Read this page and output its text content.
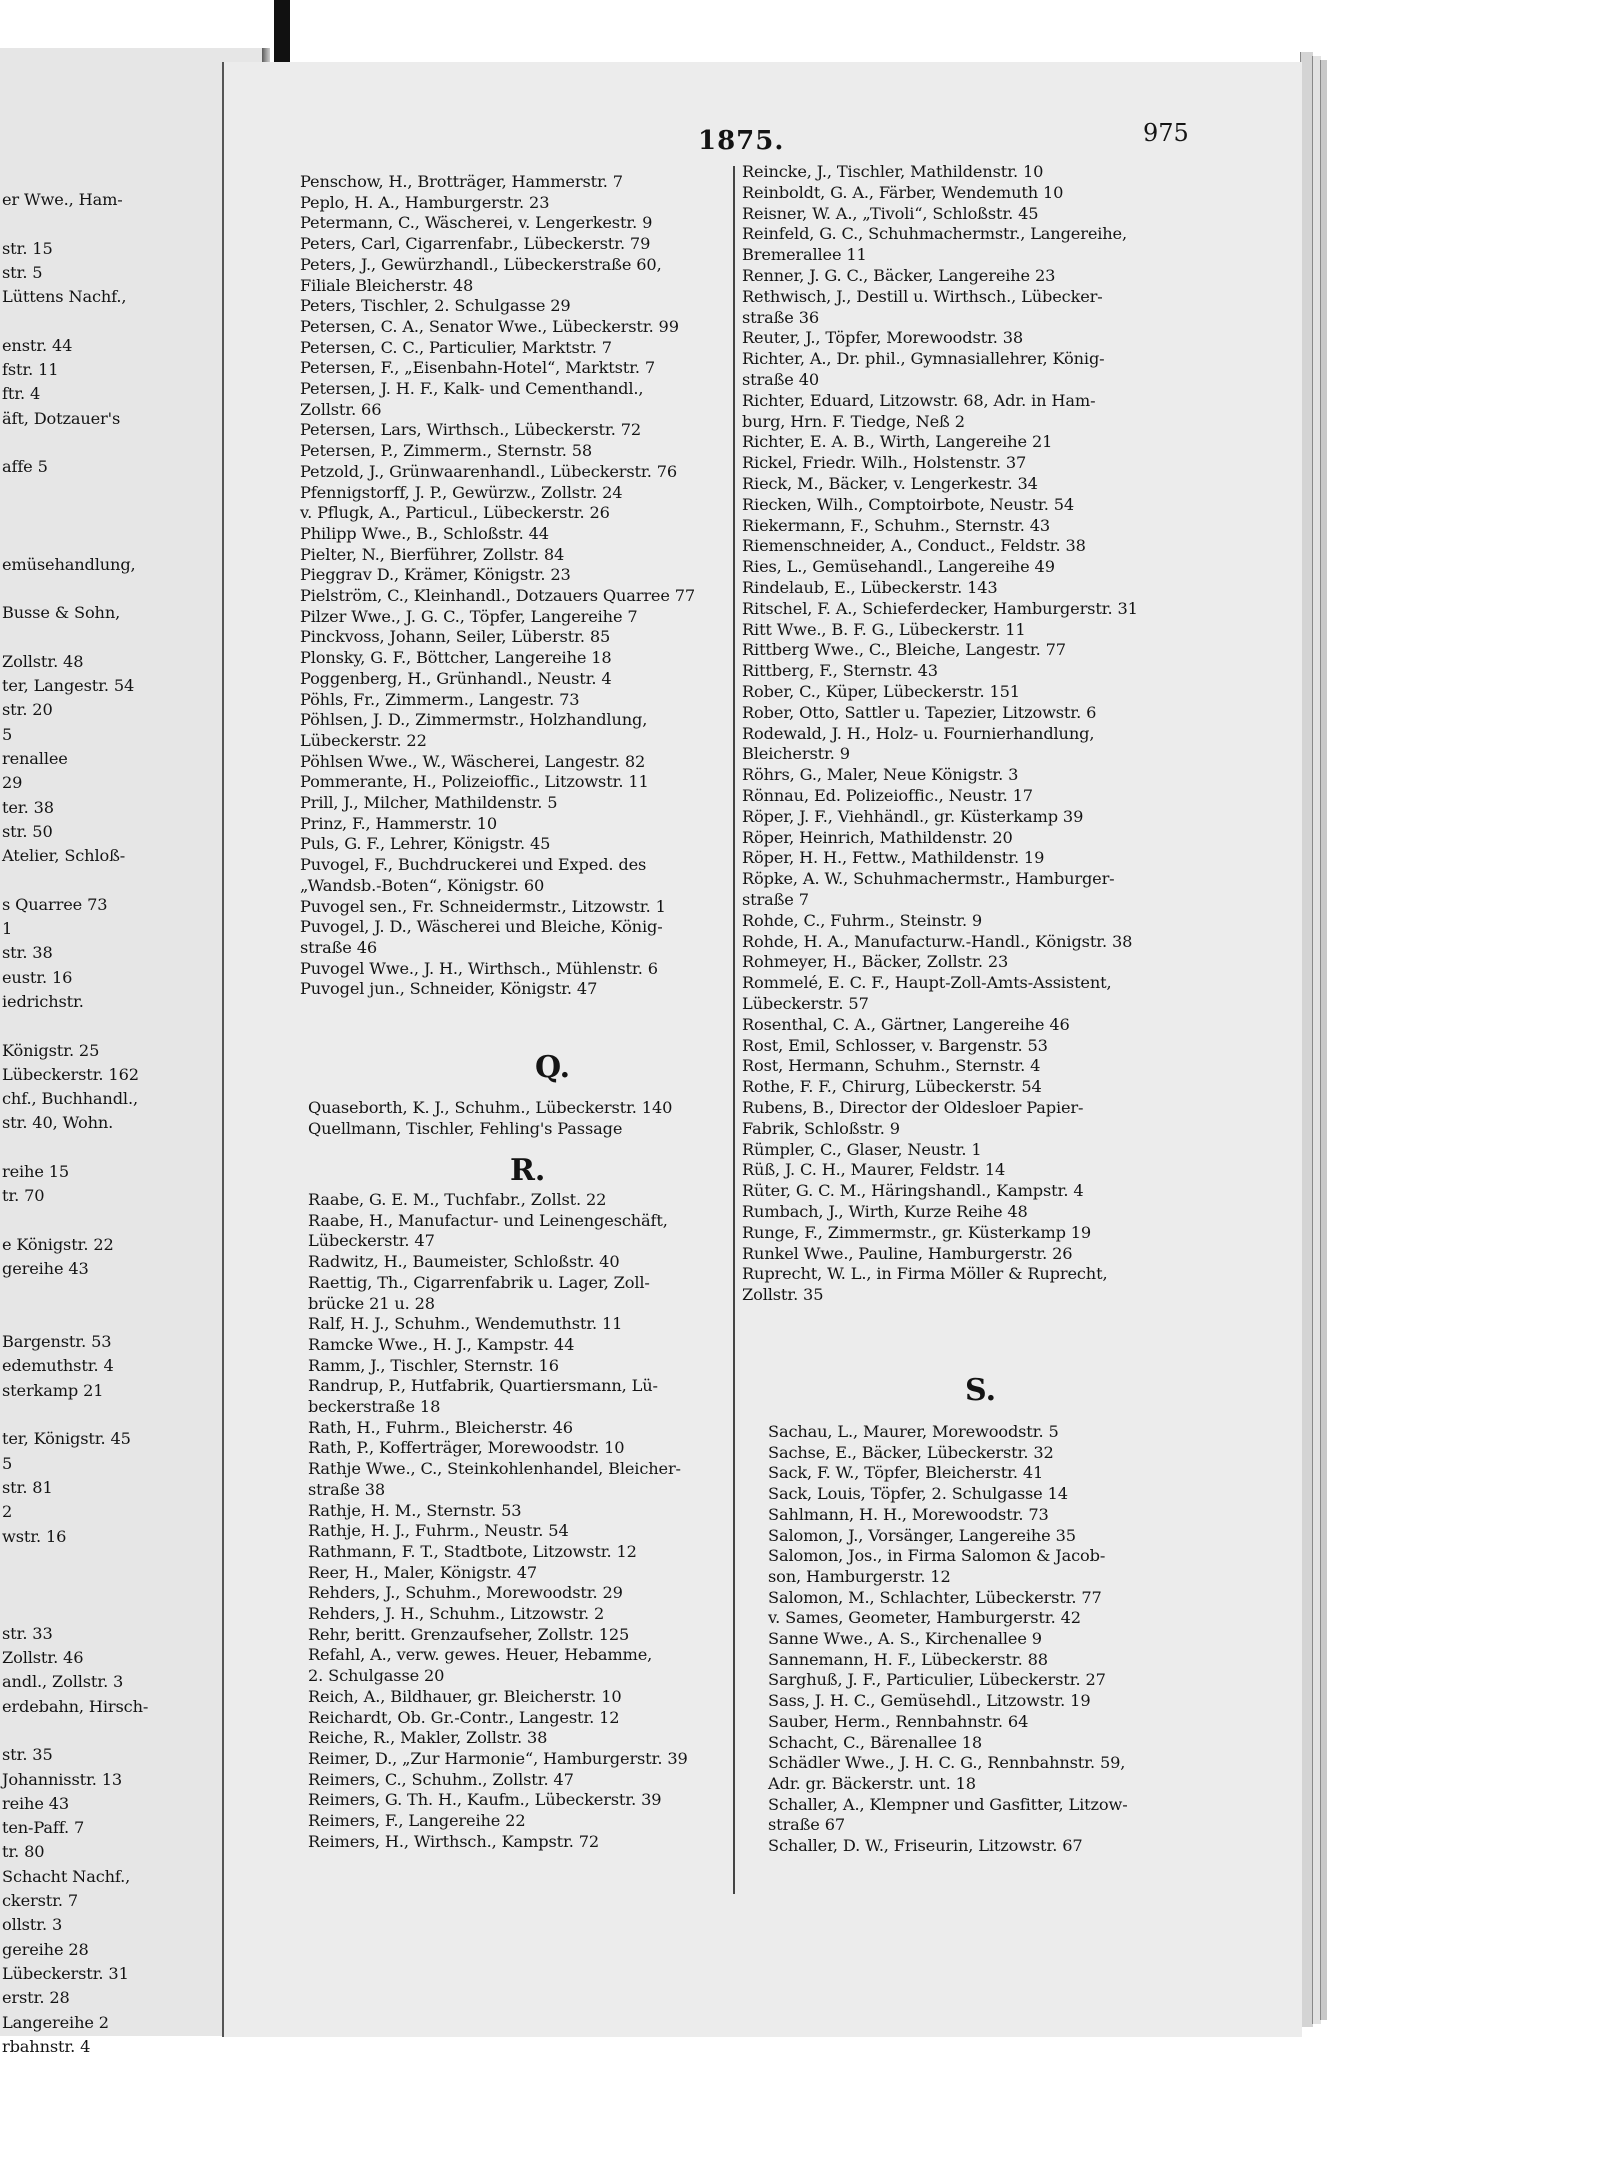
er Wwe., Ham-
str. 15
str. 5
Lüttens Nachf.,
enstr. 44
fstr. 11
ftr. 4
äft, Dotzauer's
affe 5
emüsehandlung,
Busse & Sohn,
Zollstr. 48
ter, Langestr. 54
str. 20
5
renallee
29
ter. 38
str. 50
Atelier, Schloß-
s Quarree 73
1
str. 38
eustr. 16
iedrichstr.
Königstr. 25
Lübeckerstr. 162
chf., Buchhandl.,
str. 40, Wohn.
reihe 15
tr. 70
e Königstr. 22
gereihe 43
Bargenstr. 53
edemuthstr. 4
sterkamp 21
ter, Königstr. 45
5
str. 81
2
wstr. 16
str. 33
Zollstr. 46
andl., Zollstr. 3
erdebahn, Hirsch-
str. 35
Johannisstr. 13
reihe 43
ten-Paff. 7
tr. 80
Schacht Nachf.,
ckerstr. 7
ollstr. 3
gereihe 28
Lübeckerstr. 31
erstr. 28
Langereihe 2
rbahnstr. 4
1875.	975
Q.
R.
S.
Penschow, H., Brotträger, Hammerstr. 7
Peplo, H. A., Hamburgerstr. 23
Petermann, C., Wäscherei, v. Lengerkestr. 9
Peters, Carl, Cigarrenfabr., Lübeckerstr. 79
Peters, J., Gewürzhandl., Lübeckerstraße 60,
Filiale Bleicherstr. 48
Peters, Tischler, 2. Schulgasse 29
Petersen, C. A., Senator Wwe., Lübeckerstr. 99
Petersen, C. C., Particulier, Marktstr. 7
Petersen, F., „Eisenbahn-Hotel“, Marktstr. 7
Petersen, J. H. F., Kalk- und Cementhandl.,
Zollstr. 66
Petersen, Lars, Wirthsch., Lübeckerstr. 72
Petersen, P., Zimmerm., Sternstr. 58
Petzold, J., Grünwaarenhandl., Lübeckerstr. 76
Pfennigstorff, J. P., Gewürzw., Zollstr. 24
v. Pflugk, A., Particul., Lübeckerstr. 26
Philipp Wwe., B., Schloßstr. 44
Pielter, N., Bierführer, Zollstr. 84
Pieggrav D., Krämer, Königstr. 23
Pielström, C., Kleinhandl., Dotzauers Quarree 77
Pilzer Wwe., J. G. C., Töpfer, Langereihe 7
Pinckvoss, Johann, Seiler, Lüberstr. 85
Plonsky, G. F., Böttcher, Langereihe 18
Poggenberg, H., Grünhandl., Neustr. 4
Pöhls, Fr., Zimmerm., Langestr. 73
Pöhlsen, J. D., Zimmermstr., Holzhandlung,
Lübeckerstr. 22
Pöhlsen Wwe., W., Wäscherei, Langestr. 82
Pommerante, H., Polizeioffic., Litzowstr. 11
Prill, J., Milcher, Mathildenstr. 5
Prinz, F., Hammerstr. 10
Puls, G. F., Lehrer, Königstr. 45
Puvogel, F., Buchdruckerei und Exped. des
„Wandsb.-Boten“, Königstr. 60
Puvogel sen., Fr. Schneidermstr., Litzowstr. 1
Puvogel, J. D., Wäscherei und Bleiche, König-
straße 46
Puvogel Wwe., J. H., Wirthsch., Mühlenstr. 6
Puvogel jun., Schneider, Königstr. 47
Quaseborth, K. J., Schuhm., Lübeckerstr. 140
Quellmann, Tischler, Fehling's Passage
Raabe, G. E. M., Tuchfabr., Zollst. 22
Raabe, H., Manufactur- und Leinengeschäft,
Lübeckerstr. 47
Radwitz, H., Baumeister, Schloßstr. 40
Raettig, Th., Cigarrenfabrik u. Lager, Zoll-
brücke 21 u. 28
Ralf, H. J., Schuhm., Wendemuthstr. 11
Ramcke Wwe., H. J., Kampstr. 44
Ramm, J., Tischler, Sternstr. 16
Randrup, P., Hutfabrik, Quartiersmann, Lü-
beckerstraße 18
Rath, H., Fuhrm., Bleicherstr. 46
Rath, P., Kofferträger, Morewoodstr. 10
Rathje Wwe., C., Steinkohlenhandel, Bleicher-
straße 38
Rathje, H. M., Sternstr. 53
Rathje, H. J., Fuhrm., Neustr. 54
Rathmann, F. T., Stadtbote, Litzowstr. 12
Reer, H., Maler, Königstr. 47
Rehders, J., Schuhm., Morewoodstr. 29
Rehders, J. H., Schuhm., Litzowstr. 2
Rehr, beritt. Grenzaufseher, Zollstr. 125
Refahl, A., verw. gewes. Heuer, Hebamme,
2. Schulgasse 20
Reich, A., Bildhauer, gr. Bleicherstr. 10
Reichardt, Ob. Gr.-Contr., Langestr. 12
Reiche, R., Makler, Zollstr. 38
Reimer, D., „Zur Harmonie“, Hamburgerstr. 39
Reimers, C., Schuhm., Zollstr. 47
Reimers, G. Th. H., Kaufm., Lübeckerstr. 39
Reimers, F., Langereihe 22
Reimers, H., Wirthsch., Kampstr. 72
Reincke, J., Tischler, Mathildenstr. 10
Reinboldt, G. A., Färber, Wendemuth 10
Reisner, W. A., „Tivoli“, Schloßstr. 45
Reinfeld, G. C., Schuhmachermstr., Langereihe,
Bremerallee 11
Renner, J. G. C., Bäcker, Langereihe 23
Rethwisch, J., Destill u. Wirthsch., Lübecker-
straße 36
Reuter, J., Töpfer, Morewoodstr. 38
Richter, A., Dr. phil., Gymnasiallehrer, König-
straße 40
Richter, Eduard, Litzowstr. 68, Adr. in Ham-
burg, Hrn. F. Tiedge, Neß 2
Richter, E. A. B., Wirth, Langereihe 21
Rickel, Friedr. Wilh., Holstenstr. 37
Rieck, M., Bäcker, v. Lengerkestr. 34
Riecken, Wilh., Comptoirbote, Neustr. 54
Riekermann, F., Schuhm., Sternstr. 43
Riemenschneider, A., Conduct., Feldstr. 38
Ries, L., Gemüsehandl., Langereihe 49
Rindelaub, E., Lübeckerstr. 143
Ritschel, F. A., Schieferdecker, Hamburgerstr. 31
Ritt Wwe., B. F. G., Lübeckerstr. 11
Rittberg Wwe., C., Bleiche, Langestr. 77
Rittberg, F., Sternstr. 43
Rober, C., Küper, Lübeckerstr. 151
Rober, Otto, Sattler u. Tapezier, Litzowstr. 6
Rodewald, J. H., Holz- u. Fournierhandlung,
Bleicherstr. 9
Röhrs, G., Maler, Neue Königstr. 3
Rönnau, Ed. Polizeioffic., Neustr. 17
Röper, J. F., Viehhändl., gr. Küsterkamp 39
Röper, Heinrich, Mathildenstr. 20
Röper, H. H., Fettw., Mathildenstr. 19
Röpke, A. W., Schuhmachermstr., Hamburger-
straße 7
Rohde, C., Fuhrm., Steinstr. 9
Rohde, H. A., Manufacturw.-Handl., Königstr. 38
Rohmeyer, H., Bäcker, Zollstr. 23
Rommelé, E. C. F., Haupt-Zoll-Amts-Assistent,
Lübeckerstr. 57
Rosenthal, C. A., Gärtner, Langereihe 46
Rost, Emil, Schlosser, v. Bargenstr. 53
Rost, Hermann, Schuhm., Sternstr. 4
Rothe, F. F., Chirurg, Lübeckerstr. 54
Rubens, B., Director der Oldesloer Papier-
Fabrik, Schloßstr. 9
Rümpler, C., Glaser, Neustr. 1
Rüß, J. C. H., Maurer, Feldstr. 14
Rüter, G. C. M., Häringshandl., Kampstr. 4
Rumbach, J., Wirth, Kurze Reihe 48
Runge, F., Zimmermstr., gr. Küsterkamp 19
Runkel Wwe., Pauline, Hamburgerstr. 26
Ruprecht, W. L., in Firma Möller & Ruprecht,
Zollstr. 35
Sachau, L., Maurer, Morewoodstr. 5
Sachse, E., Bäcker, Lübeckerstr. 32
Sack, F. W., Töpfer, Bleicherstr. 41
Sack, Louis, Töpfer, 2. Schulgasse 14
Sahlmann, H. H., Morewoodstr. 73
Salomon, J., Vorsänger, Langereihe 35
Salomon, Jos., in Firma Salomon & Jacob-
son, Hamburgerstr. 12
Salomon, M., Schlachter, Lübeckerstr. 77
v. Sames, Geometer, Hamburgerstr. 42
Sanne Wwe., A. S., Kirchenallee 9
Sannemann, H. F., Lübeckerstr. 88
Sarghuß, J. F., Particulier, Lübeckerstr. 27
Sass, J. H. C., Gemüsehdl., Litzowstr. 19
Sauber, Herm., Rennbahnstr. 64
Schacht, C., Bärenallee 18
Schädler Wwe., J. H. C. G., Rennbahnstr. 59,
Adr. gr. Bäckerstr. unt. 18
Schaller, A., Klempner und Gasfitter, Litzow-
straße 67
Schaller, D. W., Friseurin, Litzowstr. 67
